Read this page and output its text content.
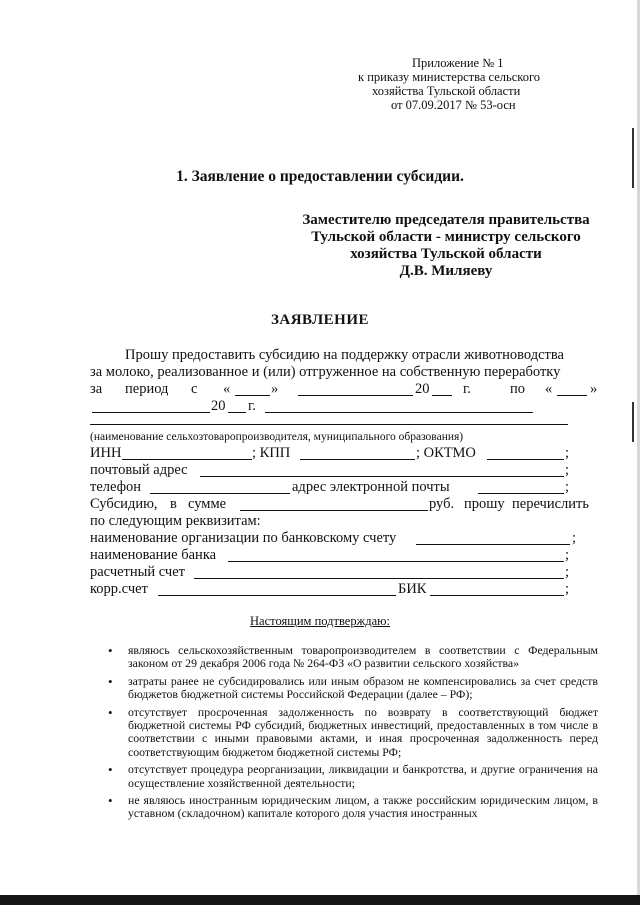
Приложение № 1
к приказу министерства сельского
хозяйства Тульской области
от 07.09.2017 № 53-осн
1. Заявление о предоставлении субсидии.
Заместителю председателя правительства
Тульской области - министру сельского
хозяйства Тульской области
Д.В. Миляеву
ЗАЯВЛЕНИЕ
Прошу предоставить субсидию на поддержку отрасли животноводства
за молоко, реализованное и (или) отгруженное на собственную переработку
за период с «	»	20 г.	по «	»
20 г.
(наименование сельхозтоваропроизводителя, муниципального образования)
ИНН	; КПП	; ОКТМО	;
почтовый адрес	;
телефон	адрес электронной почты	;
Субсидию, в сумме	руб. прошу перечислить
по следующим реквизитам:
наименование организации по банковскому счету	;
наименование банка	;
расчетный счет	;
корр.счет	БИК	;
Настоящим подтверждаю:
• являюсь сельскохозяйственным товаропроизводителем в соответствии с Федеральным законом от 29 декабря 2006 года № 264-ФЗ «О развитии сельского хозяйства»
• затраты ранее не субсидировались или иным образом не компенсировались за счет средств бюджетов бюджетной системы Российской Федерации (далее – РФ);
• отсутствует просроченная задолженность по возврату в соответствующий бюджет бюджетной системы РФ субсидий, бюджетных инвестиций, предоставленных в том числе в соответствии с иными правовыми актами, и иная просроченная задолженность перед соответствующим бюджетом бюджетной системы РФ;
• отсутствует процедура реорганизации, ликвидации и банкротства, и другие ограничения на осуществление хозяйственной деятельности;
• не являюсь иностранным юридическим лицом, а также российским юридическим лицом, в уставном (складочном) капитале которого доля участия иностранных
